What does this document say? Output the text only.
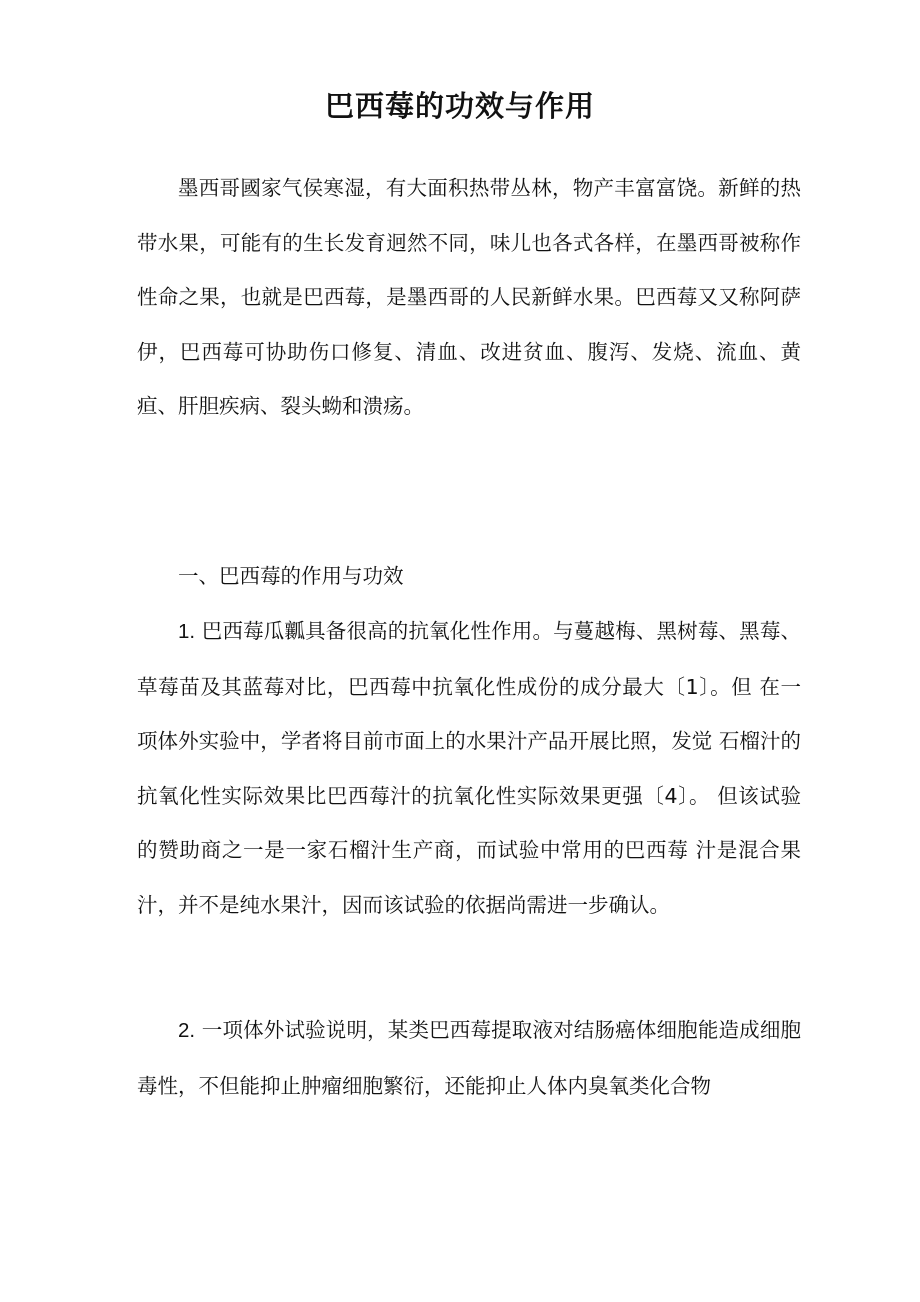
巴西莓的功效与作用

墨西哥國家气侯寒湿，有大面积热带丛林，物产丰富富饶。新鲜的热带水果，可能有的生长发育迥然不同，味儿也各式各样，在墨西哥被称作性命之果，也就是巴西莓，是墨西哥的人民新鲜水果。巴西莓又又称阿萨伊，巴西莓可协助伤口修复、清血、改进贫血、腹泻、发烧、流血、黄疸、肝胆疾病、裂头蚴和溃疡。

一、巴西莓的作用与功效

1. 巴西莓瓜瓤具备很高的抗氧化性作用。与蔓越梅、黑树莓、黑莓、草莓苗及其蓝莓对比，巴西莓中抗氧化性成份的成分最大〔1〕。但 在一项体外实验中，学者将目前市面上的水果汁产品开展比照，发觉 石榴汁的抗氧化性实际效果比巴西莓汁的抗氧化性实际效果更强〔4〕。 但该试验的赞助商之一是一家石榴汁生产商，而试验中常用的巴西莓 汁是混合果汁，并不是纯水果汁，因而该试验的依据尚需进一步确认。

2. 一项体外试验说明，某类巴西莓提取液对结肠癌体细胞能造成细胞毒性，不但能抑止肿瘤细胞繁衍，还能抑止人体内臭氧类化合物
